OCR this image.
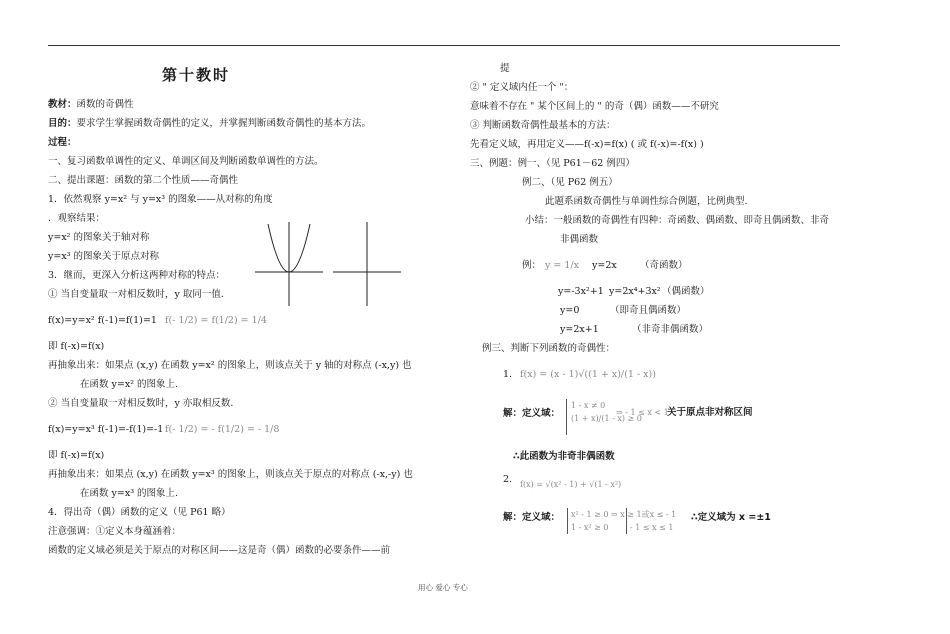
第十教时
教材：函数的奇偶性
目的：要求学生掌握函数奇偶性的定义，并掌握判断函数奇偶性的基本方法。
过程：
一、复习函数单调性的定义、单调区间及判断函数单调性的方法。
二、提出课题：函数的第二个性质——奇偶性
1．依然观察 y=x² 与 y=x³ 的图象——从对称的角度
．观察结果：
y=x² 的图象关于轴对称
y=x³ 的图象关于原点对称
3．继而，更深入分析这两种对称的特点：
① 当自变量取一对相反数时，y 取同一值．
f(x)=y=x² f(-1)=f(1)=1 f(- 1/2) = f(1/2) = 1/4
即 f(-x)=f(x)
再抽象出来：如果点 (x,y) 在函数 y=x² 的图象上，则该点关于 y 轴的对称点 (-x,y) 也
在函数 y=x² 的图象上.
② 当自变量取一对相反数时，y 亦取相反数．
f(x)=y=x³ f(-1)=-f(1)=-1 f(- 1/2) = - f(1/2) = - 1/8
即 f(-x)=f(x)
再抽象出来：如果点 (x,y) 在函数 y=x³ 的图象上，则该点关于原点的对称点 (-x,-y) 也
在函数 y=x³ 的图象上.
4．得出奇（偶）函数的定义（见 P61 略）
注意强调：①定义本身蕴涵着：
函数的定义域必须是关于原点的对称区间——这是奇（偶）函数的必要条件——前
提
② " 定义域内任一个 "：
意味着不存在 " 某个区间上的 " 的奇（偶）函数——不研究
③ 判断函数奇偶性最基本的方法：
先看定义域，再用定义——f(-x)=f(x) ( 或 f(-x)=-f(x) )
三、例题：例一、（见 P61－62 例四）
例二、（见 P62 例五）
此题系函数奇偶性与单调性综合例题，比例典型.
小结：一般函数的奇偶性有四种：奇函数、偶函数、即奇且偶函数、非奇
非偶函数
例： y = 1/x y=2x （奇函数）
y=-3x²+1 y=2x⁴+3x² （偶函数）
y=0	（即奇且偶函数）
y=2x+1	（非奇非偶函数）
例三、判断下列函数的奇偶性：
1. f(x) = (x - 1)√((1 + x)/(1 - x))
解：定义域：
1 - x ≠ 0
(1 + x)/(1 - x) ≥ 0
⇒ - 1 ≤ x < 1
关于原点非对称区间
∴此函数为非奇非偶函数
2. f(x) = √(x² - 1) + √(1 - x²)
解：定义域： x² - 1 ≥ 0
1 - x² ≥ 0
⇒ x ≥ 1或x ≤ - 1
- 1 ≤ x ≤ 1
∴定义域为 x =±1
用心 爱心 专心
